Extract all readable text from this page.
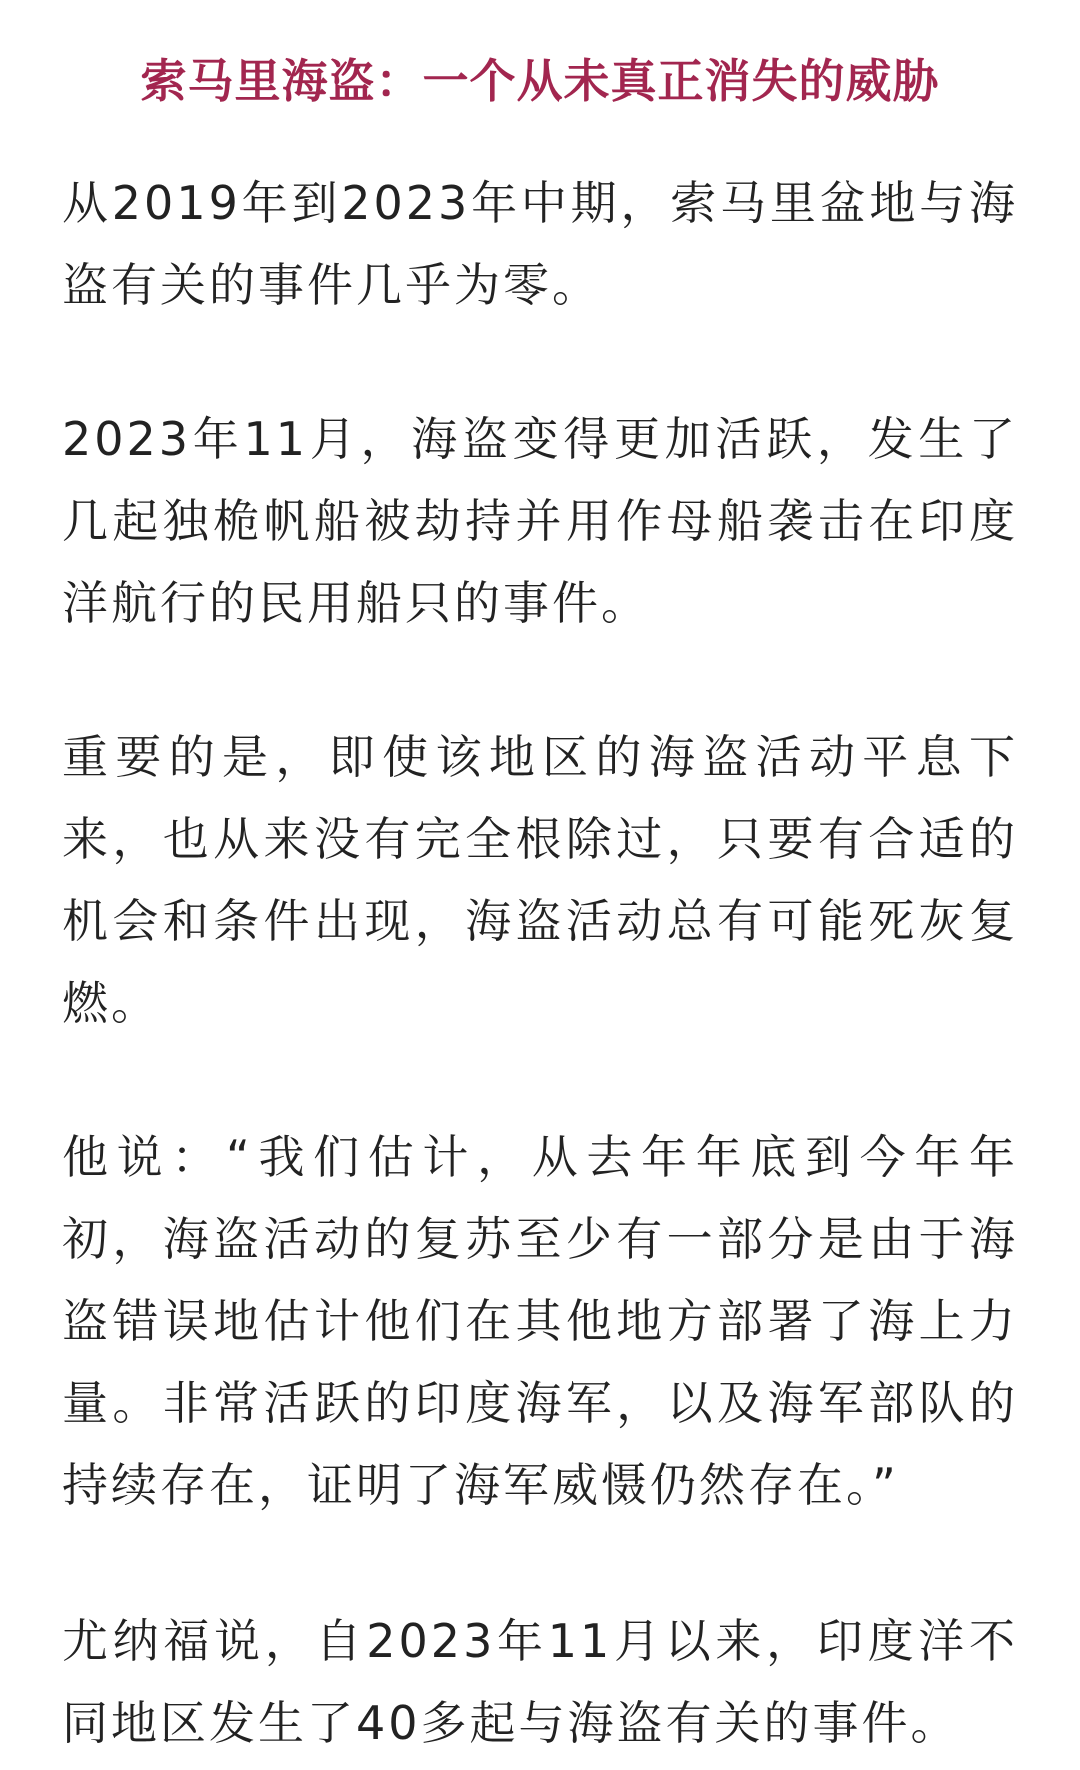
索马里海盗：一个从未真正消失的威胁

从2019年到2023年中期，索马里盆地与海盗有关的事件几乎为零。

2023年11月，海盗变得更加活跃，发生了几起独桅帆船被劫持并用作母船袭击在印度洋航行的民用船只的事件。

重要的是，即使该地区的海盗活动平息下来，也从来没有完全根除过，只要有合适的机会和条件出现，海盗活动总有可能死灰复燃。

他说：“我们估计，从去年年底到今年年初，海盗活动的复苏至少有一部分是由于海盗错误地估计他们在其他地方部署了海上力量。非常活跃的印度海军，以及海军部队的持续存在，证明了海军威慑仍然存在。”

尤纳福说，自2023年11月以来，印度洋不同地区发生了40多起与海盗有关的事件。
